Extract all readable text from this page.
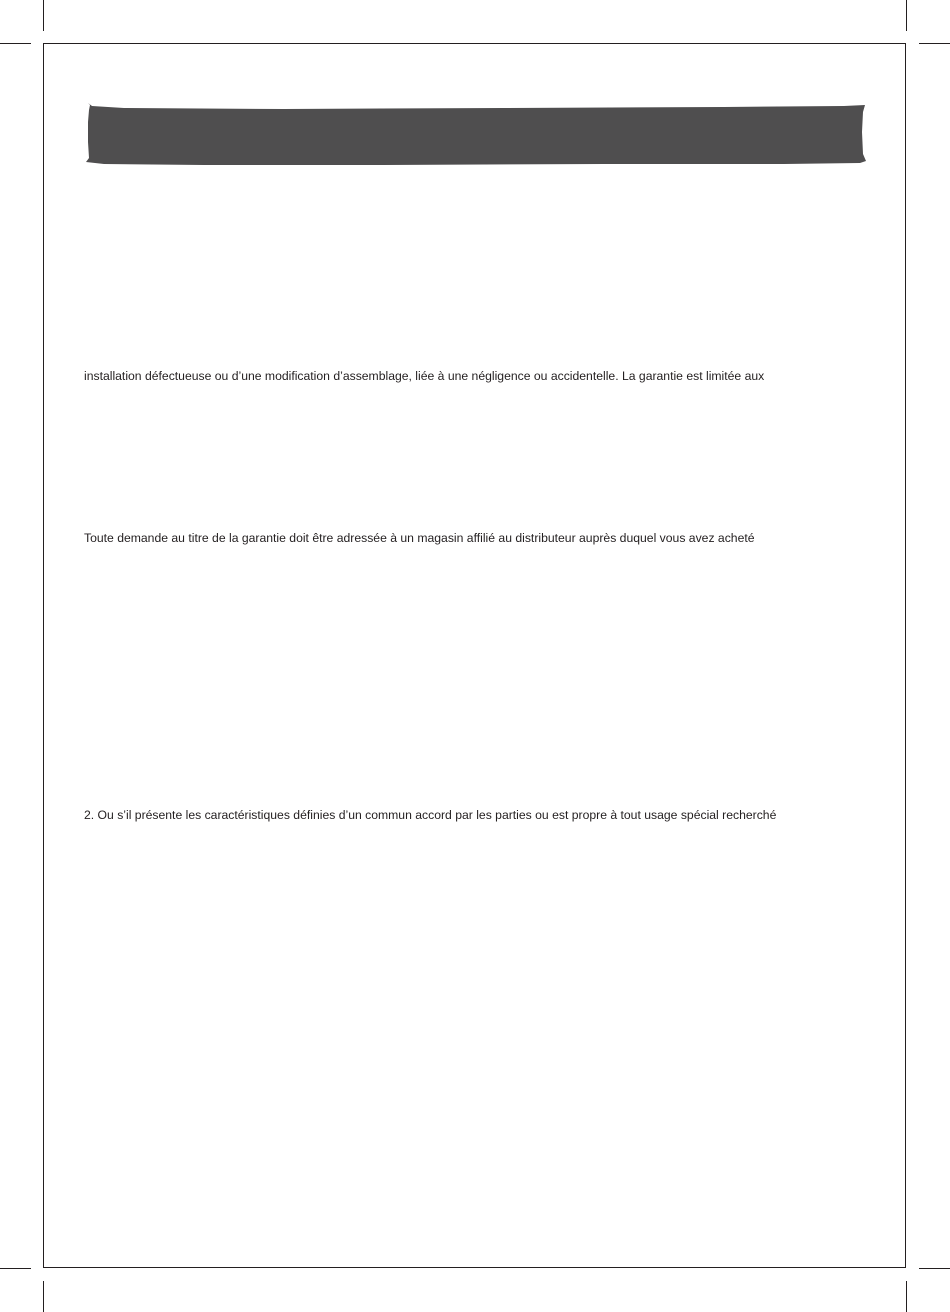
installation défectueuse ou d’une modification d’assemblage, liée à une négligence ou accidentelle. La garantie est limitée aux

Toute demande au titre de la garantie doit être adressée à un magasin affilié au distributeur auprès duquel vous avez acheté

2. Ou s’il présente les caractéristiques définies d’un commun accord par les parties ou est propre à tout usage spécial recherché
